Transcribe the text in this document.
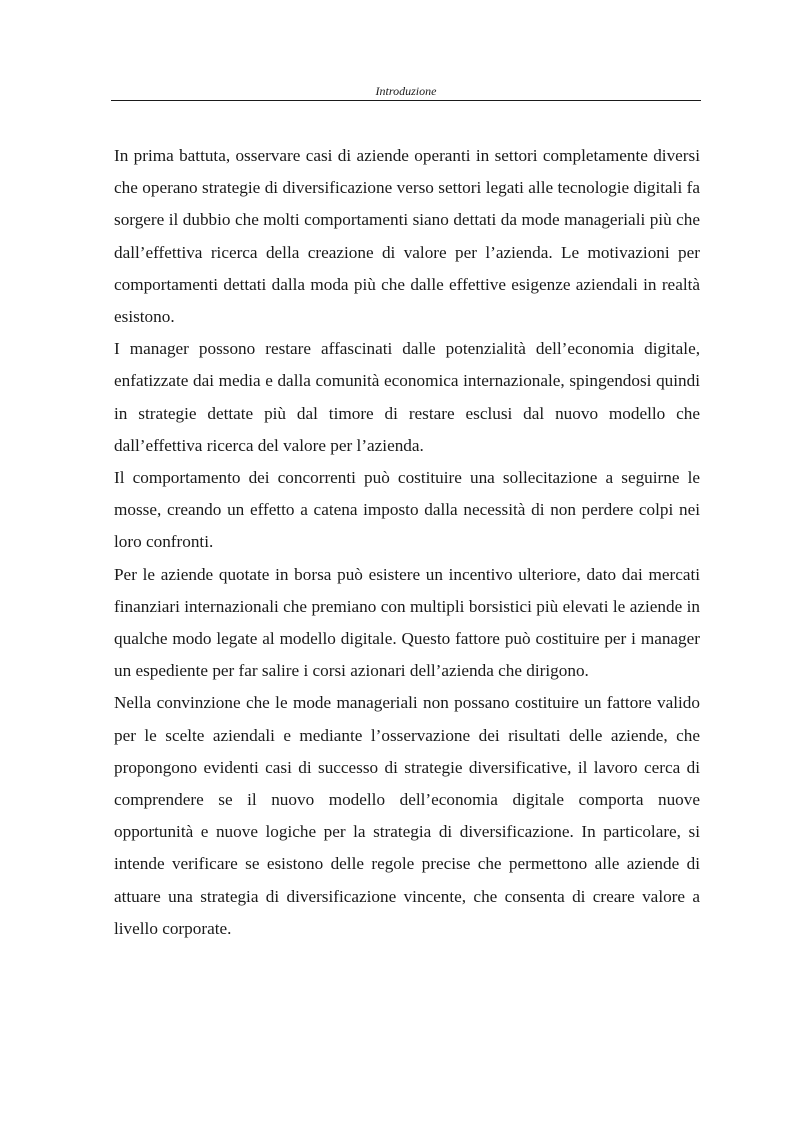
Introduzione

In prima battuta, osservare casi di aziende operanti in settori completamente diversi che operano strategie di diversificazione verso settori legati alle tecnologie digitali fa sorgere il dubbio che molti comportamenti siano dettati da mode manageriali più che dall’effettiva ricerca della creazione di valore per l’azienda. Le motivazioni per comportamenti dettati dalla moda più che dalle effettive esigenze aziendali in realtà esistono.

I manager possono restare affascinati dalle potenzialità dell’economia digitale, enfatizzate dai media e dalla comunità economica internazionale, spingendosi quindi in strategie dettate più dal timore di restare esclusi dal nuovo modello che dall’effettiva ricerca del valore per l’azienda.

Il comportamento dei concorrenti può costituire una sollecitazione a seguirne le mosse, creando un effetto a catena imposto dalla necessità di non perdere colpi nei loro confronti.

Per le aziende quotate in borsa può esistere un incentivo ulteriore, dato dai mercati finanziari internazionali che premiano con multipli borsistici più elevati le aziende in qualche modo legate al modello digitale. Questo fattore può costituire per i manager un espediente per far salire i corsi azionari dell’azienda che dirigono.

Nella convinzione che le mode manageriali non possano costituire un fattore valido per le scelte aziendali e mediante l’osservazione dei risultati delle aziende, che propongono evidenti casi di successo di strategie diversificative, il lavoro cerca di comprendere se il nuovo modello dell’economia digitale comporta nuove opportunità e nuove logiche per la strategia di diversificazione. In particolare, si intende verificare se esistono delle regole precise che permettono alle aziende di attuare una strategia di diversificazione vincente, che consenta di creare valore a livello corporate.
